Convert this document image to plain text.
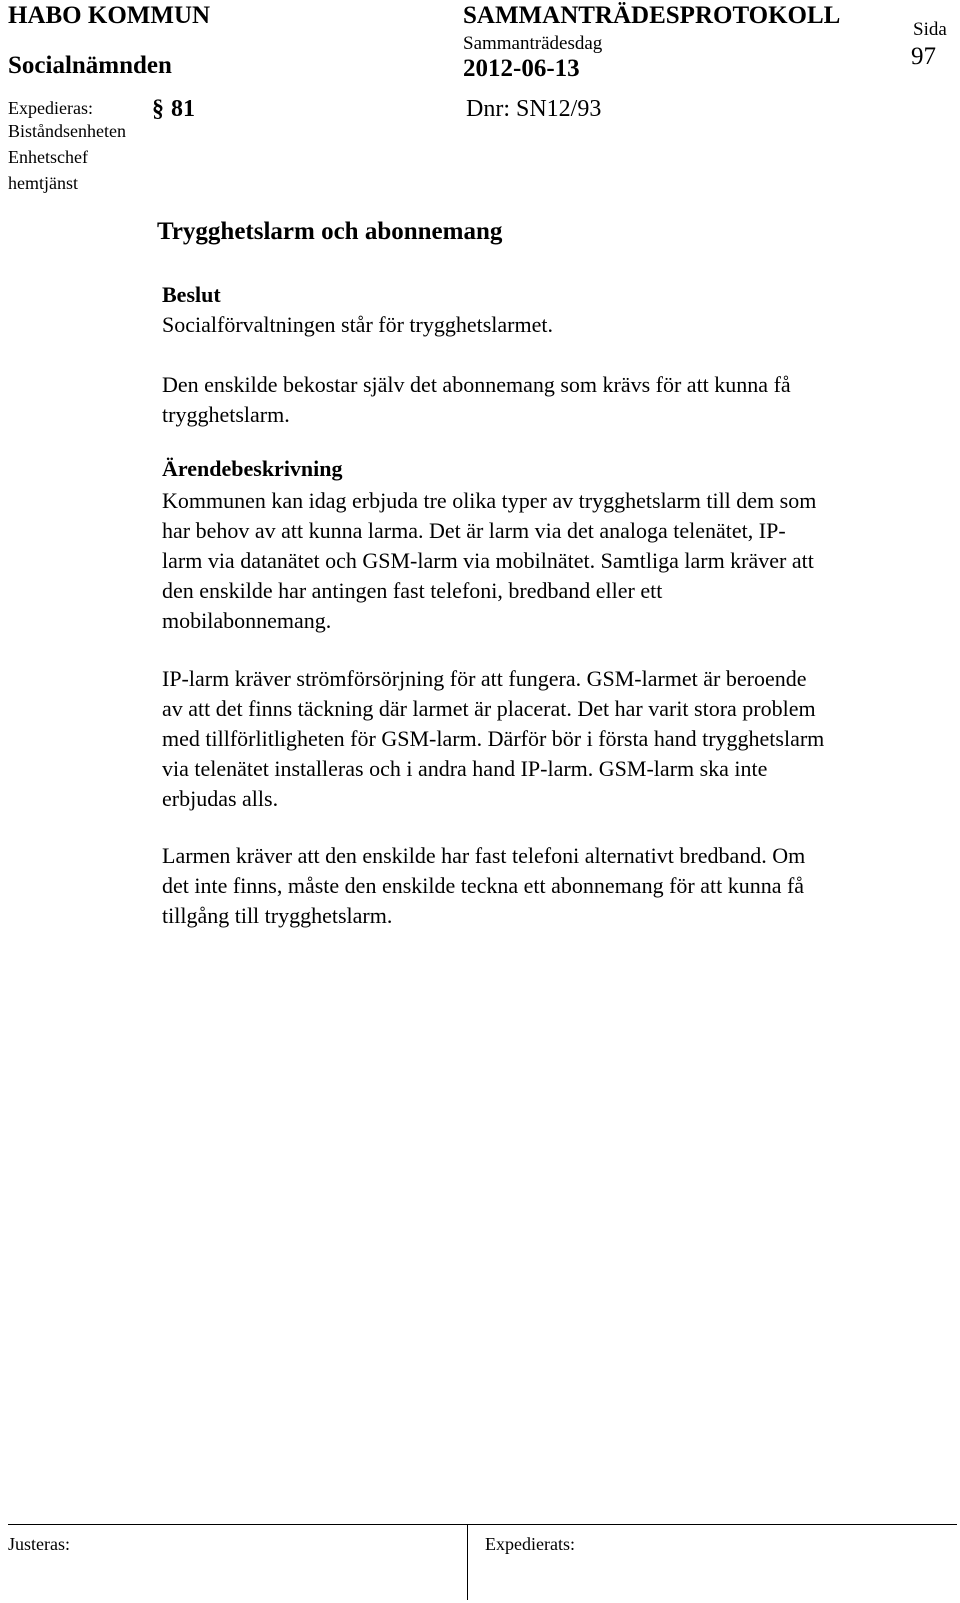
HABO KOMMUN
Socialnämnden
SAMMANTRÄDESPROTOKOLL
Sammanträdesdag
2012-06-13
Sida
97
Expedieras:
Biståndsenheten
Enhetschef
hemtjänst
§ 81	Dnr: SN12/93
Trygghetslarm och abonnemang
Beslut
Socialförvaltningen står för trygghetslarmet.
Den enskilde bekostar själv det abonnemang som krävs för att kunna få
trygghetslarm.
Ärendebeskrivning
Kommunen kan idag erbjuda tre olika typer av trygghetslarm till dem som
har behov av att kunna larma. Det är larm via det analoga telenätet, IP-
larm via datanätet och GSM-larm via mobilnätet. Samtliga larm kräver att
den enskilde har antingen fast telefoni, bredband eller ett
mobilabonnemang.
IP-larm kräver strömförsörjning för att fungera. GSM-larmet är beroende
av att det finns täckning där larmet är placerat. Det har varit stora problem
med tillförlitligheten för GSM-larm. Därför bör i första hand trygghetslarm
via telenätet installeras och i andra hand IP-larm. GSM-larm ska inte
erbjudas alls.
Larmen kräver att den enskilde har fast telefoni alternativt bredband. Om
det inte finns, måste den enskilde teckna ett abonnemang för att kunna få
tillgång till trygghetslarm.
Justeras:	Expedierats:
